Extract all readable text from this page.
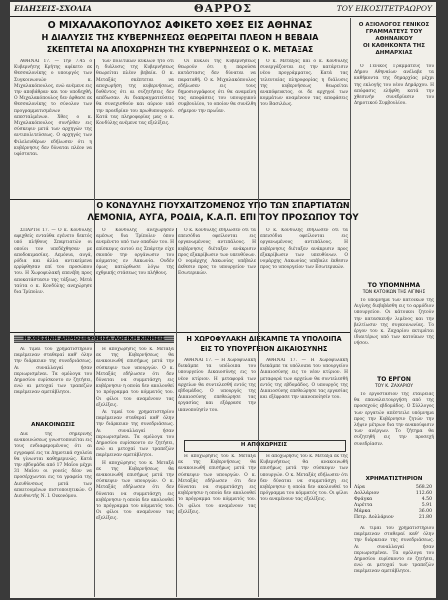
ΕΙΔΗΣΕΙΣ-ΣΧΟΛΙΑ	ΘΑΡΡΟΣ	ΤΟΥ ΕΙΚΟΣΙΤΕΤΡΑΩΡΟΥ
Ο ΜΙΧΑΛΑΚΟΠΟΥΛΟΣ ΑΦΙΚΕΤΟ ΧΘΕΣ ΕΙΣ ΑΘΗΝΑΣ
Η ΔΙΑΛΥΣΙΣ ΤΗΣ ΚΥΒΕΡΝΗΣΕΩΣ ΘΕΩΡΕΙΤΑΙ ΠΛΕΟΝ Η ΒΕΒΑΙΑ
ΣΚΕΠΤΕΤΑΙ ΝΑ ΑΠΟΧΩΡΗΣΗ ΤΗΣ ΚΥΒΕΡΝΗΣΕΩΣ Ο Κ. ΜΕΤΑΞΑΣ
Ο ΑΞΙΟΛΟΓΟΣ ΓΕΝΙΚΟΣ
ΓΡΑΜΜΑΤΕΥΣ ΤΟΥ ΑΘΗΝΑΙΚΟΥ
ΟΙ ΚΑΘΗΚΟΝΤΑ ΤΗΣ ΔΗΜΑΡΧΙΑΣ

ΑΘΗΝΑΙ 17. — Την 7.45 ο Κυβερνήτης Κρήτης αφίκετο εκ Θεσσαλονίκης ο υπουργός των Συγκοινωνιών κ. Μιχαλακόπουλος, ενώ ανέμενε εις την αποβάθραν και τον υποδεχθή. Ο Μιχαλακόπουλος δεν έφθασε εκ Θεσσαλονίκης το σύνολον των προγραμματισμένων απεσταλμένων. Χθες ο κ. Μιχαλακόπουλος συνήλθεν εις σύσκεψιν μετά των αρχηγών της αντιπολιτεύσεως. Ο αρχηγός των Φιλελευθέρων εδήλωσεν ότι η κυβέρνησις δεν δύναται πλέον να υφίσταται.

των πολιτικών κύκλων ήτο ότι η διάλυσις της Κυβερνήσεως θεωρείται πλέον βεβαία. Ο κ. Μεταξάς σκέπτεται να αποχωρήση της κυβερνήσεως, δοθέντος ότι αι συζητήσεις δεν απέδωσαν. Αι διαπραγματεύσεις θα συνεχισθούν και αύριον υπό την προεδρίαν του πρωθυπουργού. Κατά τας πληροφορίας μας ο κ. Κονδύλης ανέμενε τας εξελίξεις.

Οι κύκλοι της Κυβερνήσεως θεωρούν ότι η παρούσα κατάστασις δεν δύναται να παραταθή. Ο κ. Μιχαλακόπουλος εδήλωσεν εις τους δημοσιογράφους ότι θα αναμείνη τας αποφάσεις του υπουργικού συμβουλίου, το οποίον θα συνέλθη σήμερον την πρωΐαν.

Ο κ. Μεταξάς και ο κ. Κονδύλης συνεργάζονται εις την κατάρτισιν νέου προγράμματος. Κατά τας τελευταίας πληροφορίας η διάλυσις της κυβερνήσεως θεωρείται αναπόφευκτος, οι δε αρχηγοί των κομμάτων αναμένουν τας αποφάσεις του Βασιλέως.

Ο Γενικός Γραμματεύς του Δήμου Αθηναίων ανέλαβε τα καθήκοντα της δημαρχίας μέχρι της εκλογής του νέου Δημάρχου. Η απόφασις ελήφθη κατά την χθεσινήν συνεδρίασιν του Δημοτικού Συμβουλίου.

Ο ΚΟΝΔΥΛΗΣ ΓΙΟΥΧΑΙΤΖΟΜΕΝΟΣ ΥΠΟ ΤΩΝ ΣΠΑΡΤΙΑΤΩΝ
ΛΕΜΟΝΙΑ, ΑΥΓΑ, ΡΟΔΙΑ, Κ.Α.Π. ΕΠΙ ΤΟΥ ΠΡΟΣΩΠΟΥ ΤΟΥ

ΣΠΑΡΤΗ 17. — Ο κ. Κονδύλης αφιχθείς ενταύθα εγένετο δεκτός υπό πλήθους Σπαρτιατών οι οποίοι τον υπεδέχθησαν με αποδοκιμασίας. Λεμόνια, αυγά, ρόδια και άλλα αντικείμενα ερρίφθησαν επί του προσώπου του. Η Χωροφυλακή επενέβη προς αποκατάστασιν της τάξεως. Μετά ταύτα ο κ. Κονδύλης ανεχώρησε δια Τρίπολιν.

Ο Κονδύλης ανεχώρησεν αμέσως δια Τρίπολιν όπου ανεμένετο υπό των οπαδών του. Η επίσκεψις αυτού εις Σπάρτην είχε σκοπόν την οργάνωσιν του κόμματος εν Λακωνία. Ουδέν όμως κατώρθωσε λόγω της εχθρικής στάσεως του πλήθους.

Ο κ. Κονδύλης εδήλωσεν ότι τα επεισόδια οφείλονται εις οργανωμένους αντιπάλους. Η κυβέρνησις διέταξεν ανάκρισιν προς εξακρίβωσιν των υπευθύνων. Ο νομάρχης Λακωνίας υπέβαλε έκθεσιν προς το υπουργείον των Εσωτερικών.

Ο κ. Κονδύλης εδήλωσεν ότι τα επεισόδια οφείλονται εις οργανωμένους αντιπάλους. Η κυβέρνησις διέταξεν ανάκρισιν προς εξακρίβωσιν των υπευθύνων. Ο νομάρχης Λακωνίας υπέβαλε έκθεσιν προς το υπουργείον των Εσωτερικών.

ΤΟ ΥΠΟΜΝΗΜΑ
ΤΩΝ ΚΑΤΟΙΚΩΝ ΤΗΣ ΑΙΓΙΝΗΣ

Το υπόμνημα των κατοίκων της Αιγίνης διεβιβάσθη εις το αρμόδιον υπουργείον. Οι κάτοικοι ζητούν την κατασκευήν λιμένος και την βελτίωσιν της συγκοινωνίας. Το έργον του κ. Ζαχαρίου εκτιμάται ιδιαιτέρως υπό των κατοίκων της νήσου.

ΤΟ ΕΡΓΟΝ
ΤΟΥ Κ. ΖΑΧΑΡΙΟΥ

Το εργοστάσιον της εταιρείας θα επαναλειτουργήση από της προσεχούς εβδομάδος. Ο Σύλλογος των εργατών απέστειλε υπόμνημα προς την Κυβέρνησιν ζητών την λήψιν μέτρων δια την ανακούφισιν των ανέργων. Το ζήτημα θα συζητηθή εις την προσεχή συνεδρίασιν.

Η ΧΘΕΣΙΝΗ ΔΗΜΟΣΙΕΥΘΕΙΣΑ ΛΟΓΙΚΗ ΚΙΝΗΣΙΣ	Η ΧΩΡΟΦΥΛΑΚΗ ΔΙΕΚΑΜΠΕ ΤΑ ΥΠΟΛΟΙΠΑ
ΕΙΣ ΤΟ ΥΠΟΥΡΓΕΙΟΝ ΔΙΚΑΙΟΣΥΝΗΣ

Αι τιμαί του χρηματιστηρίου παρέμειναν σταθεραί καθ' όλην την διάρκειαν της συνεδριάσεως. Αι συναλλαγαί ήσαν περιωρισμέναι. Τα ομόλογα του Δημοσίου ευρίσκοντο εν ζητήσει, ενώ αι μετοχαί των τραπεζών παρέμειναν αμετάβλητοι.

Η αποχώρησις του κ. Μεταξά εκ της Κυβερνήσεως θα ανακοινωθή επισήμως μετά την σύσκεψιν των υπουργών. Ο κ. Μεταξάς εδήλωσεν ότι δεν δύναται να συμμετάσχη εις κυβέρνησιν η οποία δεν ακολουθεί το πρόγραμμα του κόμματός του. Οι φίλοι του αναμένουν τας εξελίξεις.

Αι τιμαί του χρηματιστηρίου παρέμειναν σταθεραί καθ' όλην την διάρκειαν της συνεδριάσεως. Αι συναλλαγαί ήσαν περιωρισμέναι. Τα ομόλογα του Δημοσίου ευρίσκοντο εν ζητήσει, ενώ αι μετοχαί των τραπεζών παρέμειναν αμετάβλητοι.

Η αποχώρησις του κ. Μεταξά εκ της Κυβερνήσεως θα ανακοινωθή επισήμως μετά την σύσκεψιν των υπουργών. Ο κ. Μεταξάς εδήλωσεν ότι δεν δύναται να συμμετάσχη εις κυβέρνησιν η οποία δεν ακολουθεί το πρόγραμμα του κόμματός του. Οι φίλοι του αναμένουν τας εξελίξεις.

ΑΘΗΝΑΙ 17. — Η Χωροφυλακή διεκάμπε τα υπόλοιπα του υπουργείου Δικαιοσύνης εις το νέον κτίριον. Η μεταφορά των αρχείων θα συντελεσθή εντός της εβδομάδος. Ο υπουργός της Δικαιοσύνης επεθεώρησε τας εργασίας και εξέφρασε την ικανοποίησίν του.

ΑΘΗΝΑΙ 17. — Η Χωροφυλακή διεκάμπε τα υπόλοιπα του υπουργείου Δικαιοσύνης εις το νέον κτίριον. Η μεταφορά των αρχείων θα συντελεσθή εντός της εβδομάδος. Ο υπουργός της Δικαιοσύνης επεθεώρησε τας εργασίας και εξέφρασε την ικανοποίησίν του.

Η ΑΠΟΧΩΡΗΣΙΣ

Η αποχώρησις του κ. Μεταξά εκ της Κυβερνήσεως θα ανακοινωθή επισήμως μετά την σύσκεψιν των υπουργών. Ο κ. Μεταξάς εδήλωσεν ότι δεν δύναται να συμμετάσχη εις κυβέρνησιν η οποία δεν ακολουθεί το πρόγραμμα του κόμματός του. Οι φίλοι του αναμένουν τας εξελίξεις.

Η αποχώρησις του κ. Μεταξά εκ της Κυβερνήσεως θα ανακοινωθή επισήμως μετά την σύσκεψιν των υπουργών. Ο κ. Μεταξάς εδήλωσεν ότι δεν δύναται να συμμετάσχη εις κυβέρνησιν η οποία δεν ακολουθεί το πρόγραμμα του κόμματός του. Οι φίλοι του αναμένουν τας εξελίξεις.

ΑΝΑΚΟΙΝΩΣΙΣ

Δια της σημερινής ανακοινώσεως γνωστοποιείται εις τους ενδιαφερομένους ότι αι εγγραφαί εις τα Δημοτικά σχολεία θα γίνωνται καθημερινώς. Κατά την εβδομάδα από 17 Μαΐου μέχρι 31 Μαΐου οι γονείς δέον να προσέρχωνται εις τα γραφεία της Διευθύνσεως μετά των απαιτουμένων πιστοποιητικών. Ο Διευθυντής Ν. Ι. Οικονόμου.

ΧΡΗΜΑΤΙΣΤΗΡΙΟΝ
Λίρα	568.20
Δολλάριον	112.60
Φράγκα	4.50
Λιρέττα	5.91
Μάρκα	36.00
Πετρ. Δολλάριον	21.80

Αι τιμαί του χρηματιστηρίου παρέμειναν σταθεραί καθ' όλην την διάρκειαν της συνεδριάσεως. Αι συναλλαγαί ήσαν περιωρισμέναι. Τα ομόλογα του Δημοσίου ευρίσκοντο εν ζητήσει, ενώ αι μετοχαί των τραπεζών παρέμειναν αμετάβλητοι.
